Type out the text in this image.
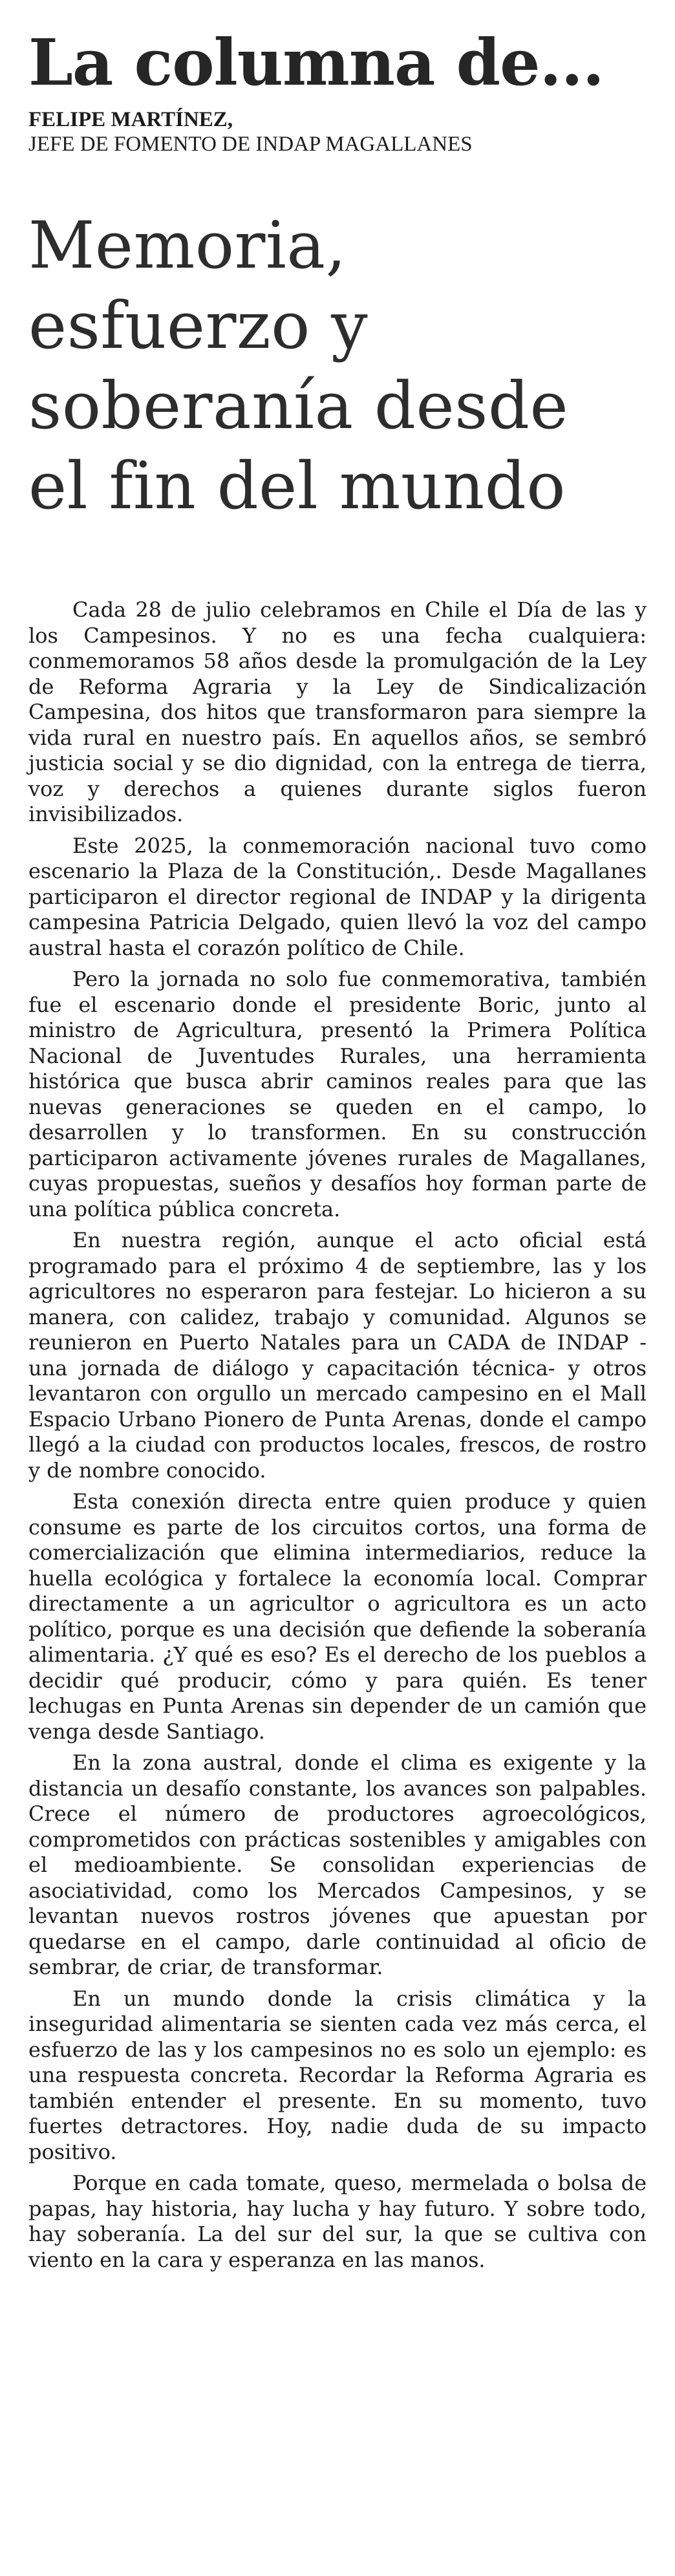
La columna de...
FELIPE MARTÍNEZ,
JEFE DE FOMENTO DE INDAP MAGALLANES
Memoria, esfuerzo y soberanía desde el fin del mundo

Cada 28 de julio celebramos en Chile el Día de las y los Campesinos. Y no es una fecha cualquiera: conmemoramos 58 años desde la promulgación de la Ley de Reforma Agraria y la Ley de Sindicalización Campesina, dos hitos que transformaron para siempre la vida rural en nuestro país. En aquellos años, se sembró justicia social y se dio dignidad, con la entrega de tierra, voz y derechos a quienes durante siglos fueron invisibilizados.

Este 2025, la conmemoración nacional tuvo como escenario la Plaza de la Constitución,. Desde Magallanes participaron el director regional de INDAP y la dirigenta campesina Patricia Delgado, quien llevó la voz del campo austral hasta el corazón político de Chile.

Pero la jornada no solo fue conmemorativa, también fue el escenario donde el presidente Boric, junto al ministro de Agricultura, presentó la Primera Política Nacional de Juventudes Rurales, una herramienta histórica que busca abrir caminos reales para que las nuevas generaciones se queden en el campo, lo desarrollen y lo transformen. En su construcción participaron activamente jóvenes rurales de Magallanes, cuyas propuestas, sueños y desafíos hoy forman parte de una política pública concreta.

En nuestra región, aunque el acto oficial está programado para el próximo 4 de septiembre, las y los agricultores no esperaron para festejar. Lo hicieron a su manera, con calidez, trabajo y comunidad. Algunos se reunieron en Puerto Natales para un CADA de INDAP -una jornada de diálogo y capacitación técnica- y otros levantaron con orgullo un mercado campesino en el Mall Espacio Urbano Pionero de Punta Arenas, donde el campo llegó a la ciudad con productos locales, frescos, de rostro y de nombre conocido.

Esta conexión directa entre quien produce y quien consume es parte de los circuitos cortos, una forma de comercialización que elimina intermediarios, reduce la huella ecológica y fortalece la economía local. Comprar directamente a un agricultor o agricultora es un acto político, porque es una decisión que defiende la soberanía alimentaria. ¿Y qué es eso? Es el derecho de los pueblos a decidir qué producir, cómo y para quién. Es tener lechugas en Punta Arenas sin depender de un camión que venga desde Santiago.

En la zona austral, donde el clima es exigente y la distancia un desafío constante, los avances son palpables. Crece el número de productores agroecológicos, comprometidos con prácticas sostenibles y amigables con el medioambiente. Se consolidan experiencias de asociatividad, como los Mercados Campesinos, y se levantan nuevos rostros jóvenes que apuestan por quedarse en el campo, darle continuidad al oficio de sembrar, de criar, de transformar.

En un mundo donde la crisis climática y la inseguridad alimentaria se sienten cada vez más cerca, el esfuerzo de las y los campesinos no es solo un ejemplo: es una respuesta concreta. Recordar la Reforma Agraria es también entender el presente. En su momento, tuvo fuertes detractores. Hoy, nadie duda de su impacto positivo.

Porque en cada tomate, queso, mermelada o bolsa de papas, hay historia, hay lucha y hay futuro. Y sobre todo, hay soberanía. La del sur del sur, la que se cultiva con viento en la cara y esperanza en las manos.
